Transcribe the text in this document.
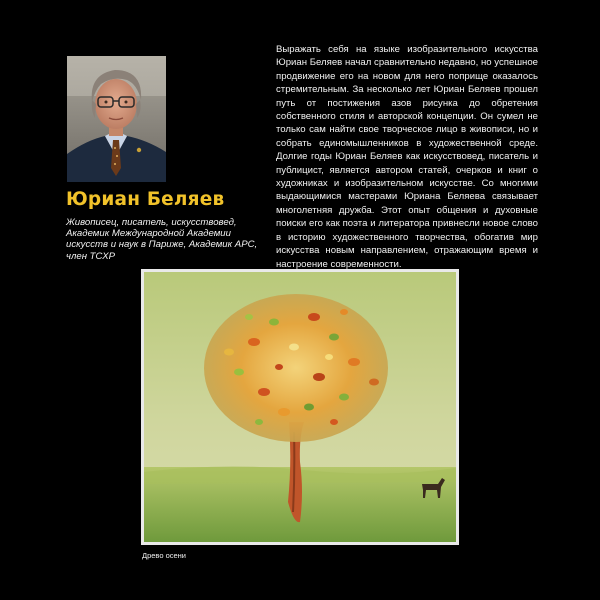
Юриан Беляев

Живописец, писатель, искусствовед, Академик Международной Академии искусств и наук в Париже, Академик АРС, член ТСХР

Выражать себя на языке изобразительного искусства Юриан Беляев начал сравнительно недавно, но успешное продвижение его на новом для него поприще оказалось стремительным. За несколько лет Юриан Беляев прошел путь от постижения азов рисунка до обретения собственного стиля и авторской концепции. Он сумел не только сам найти свое творческое лицо в живописи, но и собрать единомышленников в художественной среде. Долгие годы Юриан Беляев как искусствовед, писатель и публицист, является автором статей, очерков и книг о художниках и изобразительном искусстве. Со многими выдающимися мастерами Юриана Беляева связывает многолетняя дружба. Этот опыт общения и духовные поиски его как поэта и литератора привнесли новое слово в историю художественного творчества, обогатив мир искусства новым направлением, отражающим время и настроение современности.

Древо осени
